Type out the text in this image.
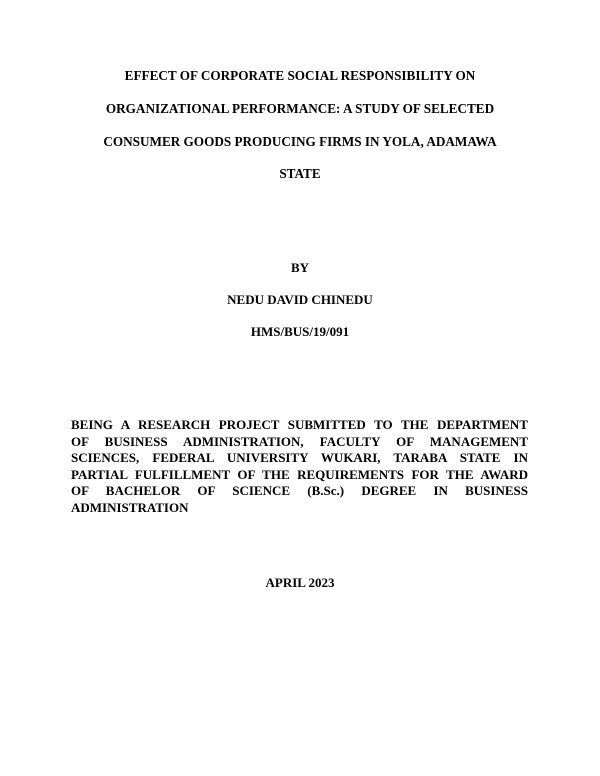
EFFECT OF CORPORATE SOCIAL RESPONSIBILITY ON
ORGANIZATIONAL PERFORMANCE: A STUDY OF SELECTED
CONSUMER GOODS PRODUCING FIRMS IN YOLA, ADAMAWA
STATE
BY
NEDU DAVID CHINEDU
HMS/BUS/19/091
BEING A RESEARCH PROJECT SUBMITTED TO THE DEPARTMENT
OF BUSINESS ADMINISTRATION, FACULTY OF MANAGEMENT
SCIENCES, FEDERAL UNIVERSITY WUKARI, TARABA STATE IN
PARTIAL FULFILLMENT OF THE REQUIREMENTS FOR THE AWARD
OF BACHELOR OF SCIENCE (B.Sc.) DEGREE IN BUSINESS
ADMINISTRATION
APRIL 2023
